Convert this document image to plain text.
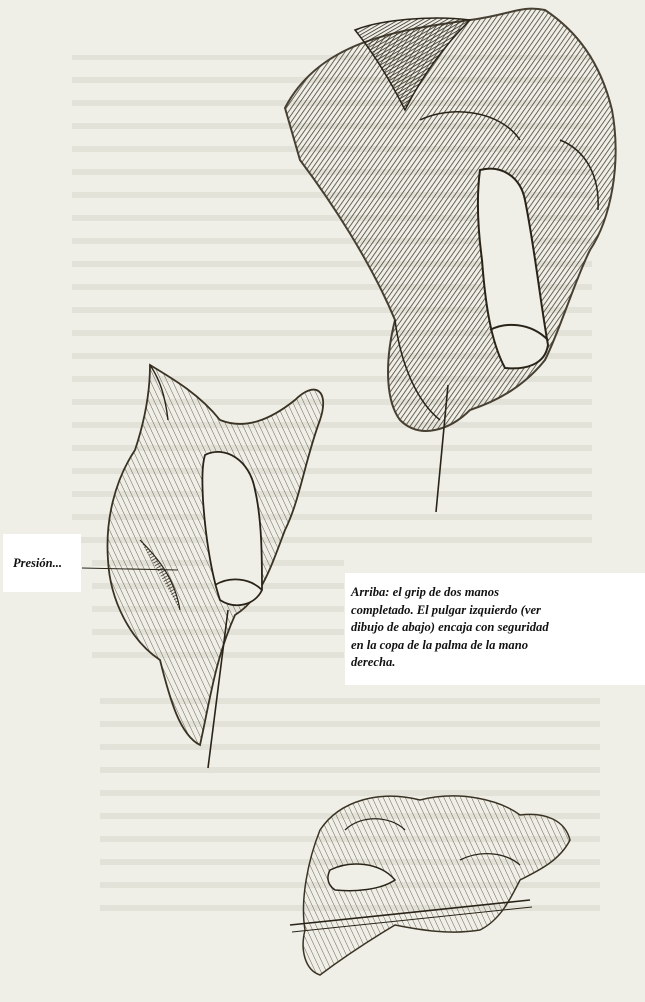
Presión...

Arriba: el grip de dos manos
completado. El pulgar izquierdo (ver
dibujo de abajo) encaja con seguridad
en la copa de la palma de la mano
derecha.
